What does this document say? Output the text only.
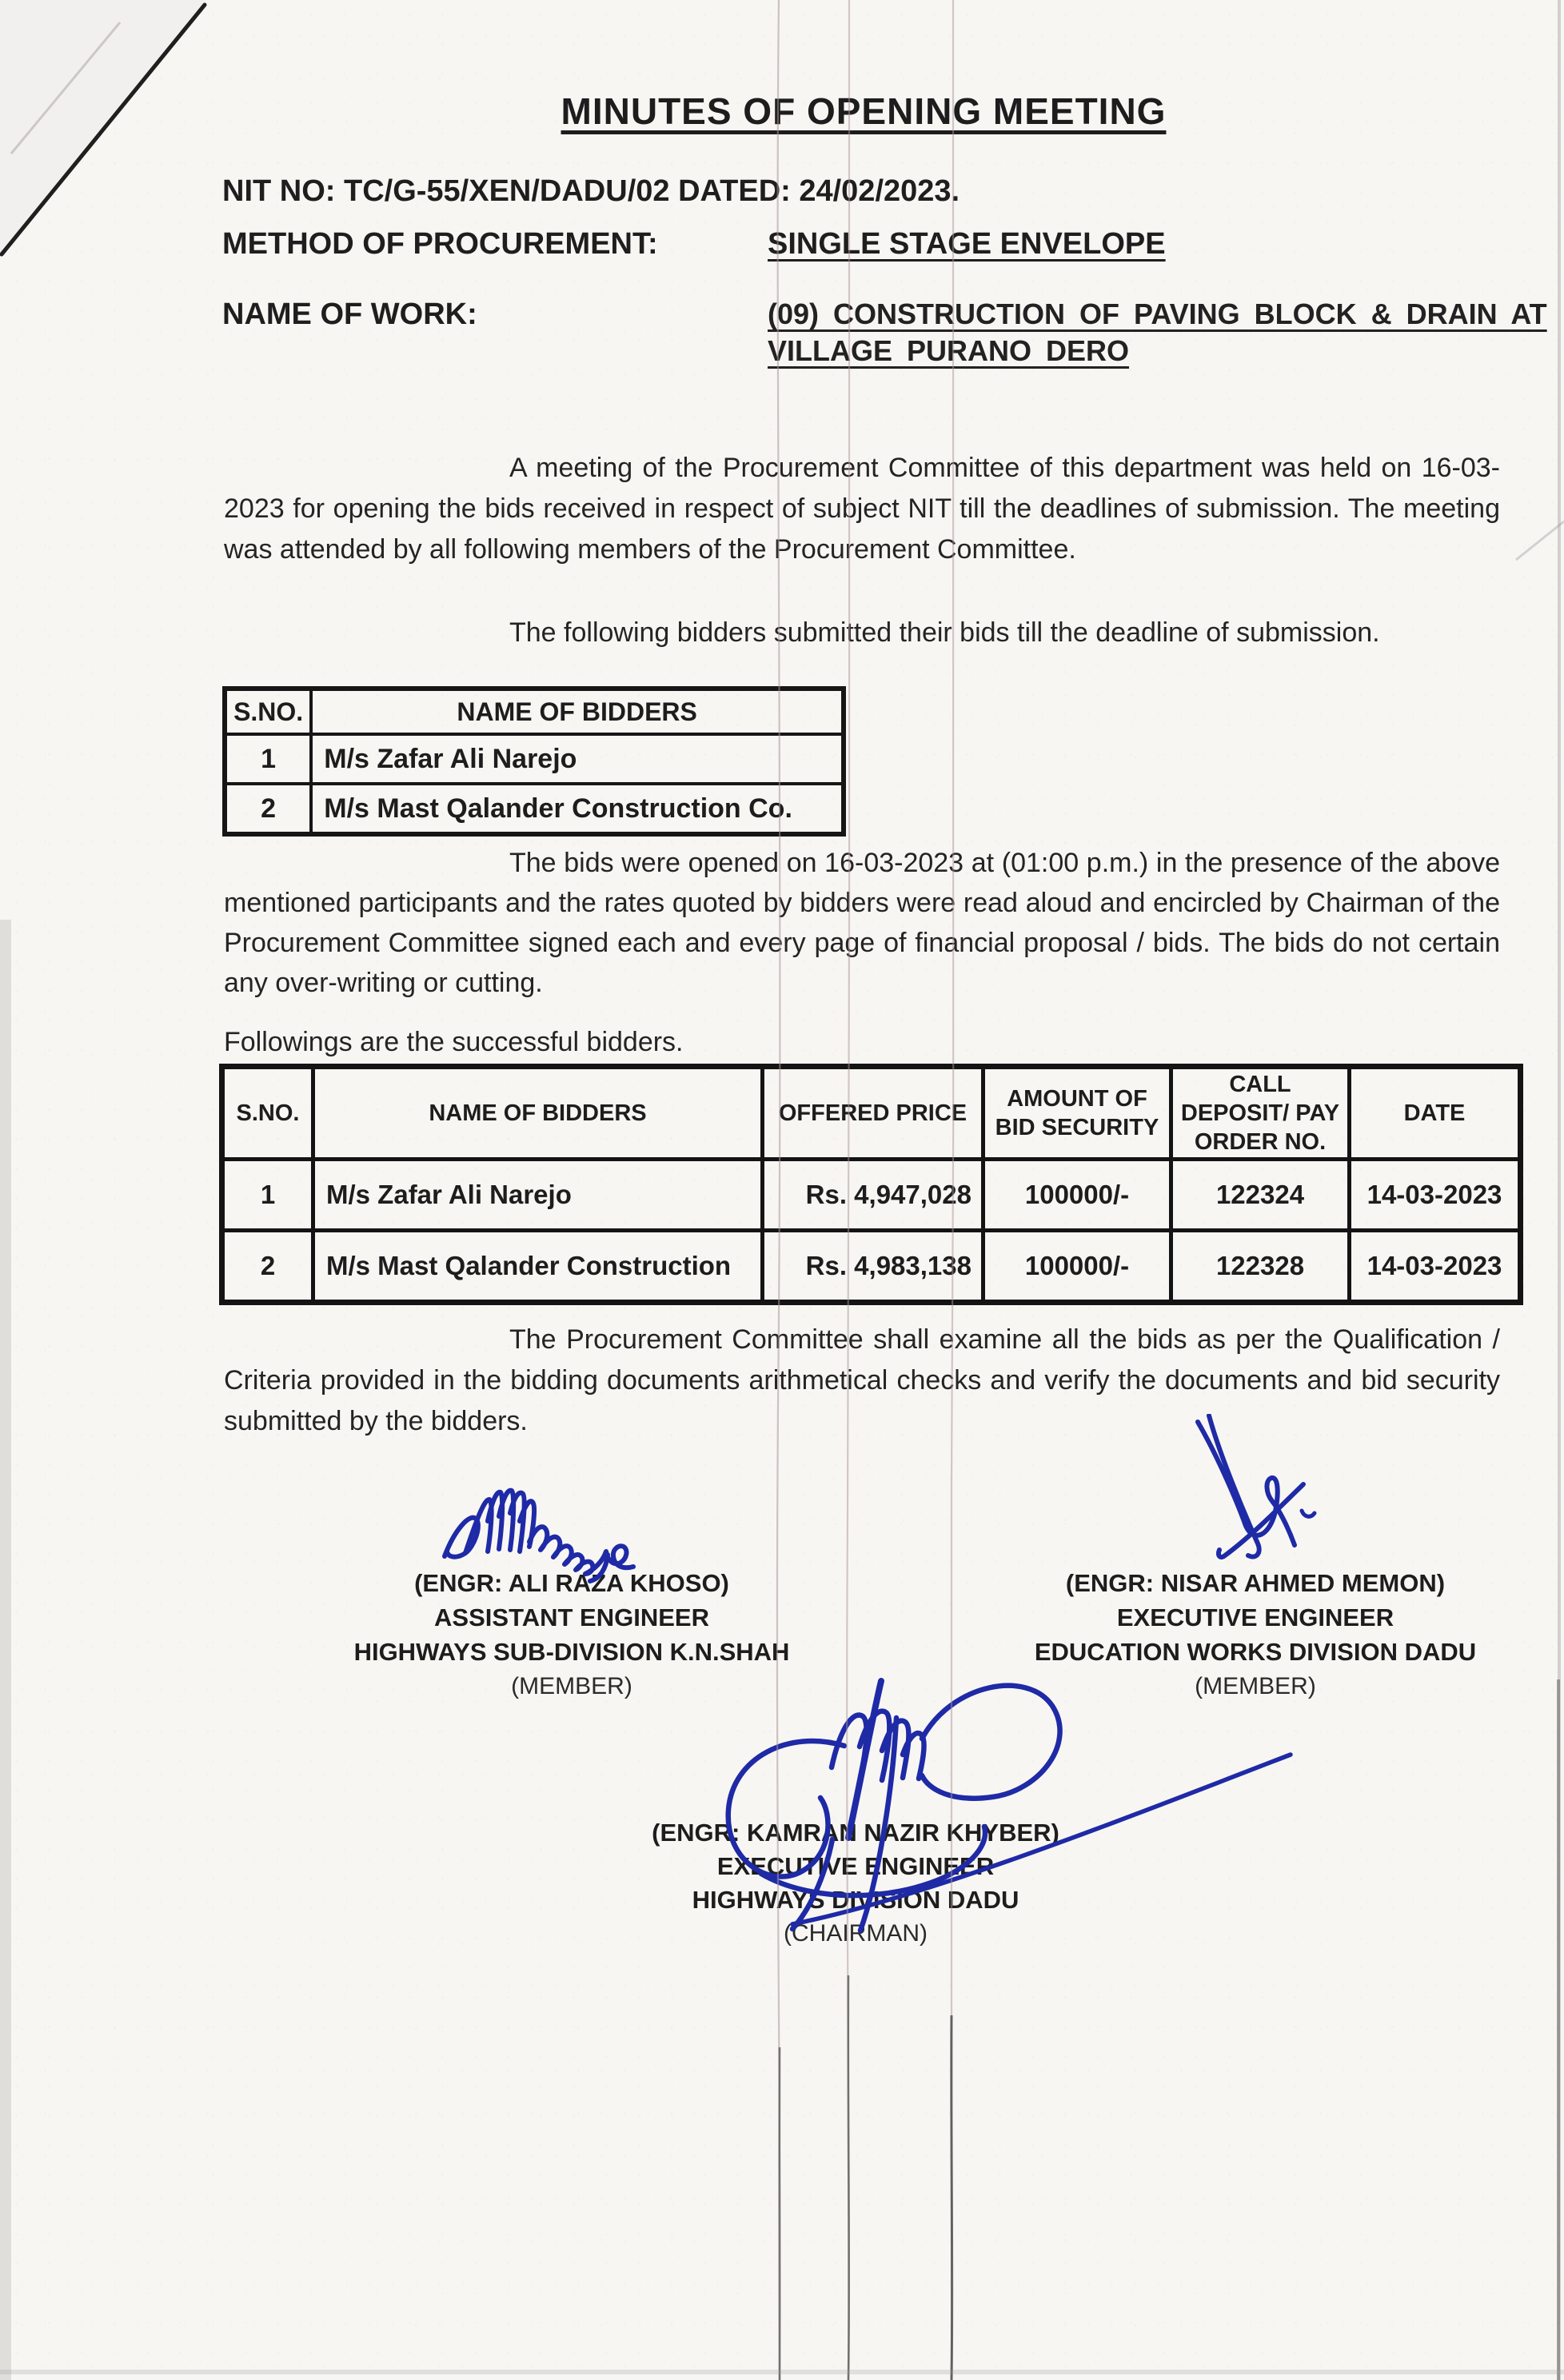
MINUTES OF OPENING MEETING
NIT NO: TC/G-55/XEN/DADU/02 DATED: 24/02/2023.
METHOD OF PROCUREMENT:	SINGLE STAGE ENVELOPE
NAME OF WORK:	(09) CONSTRUCTION OF PAVING BLOCK & DRAIN AT
VILLAGE PURANO DERO
A meeting of the Procurement Committee of this department was held on 16-03-2023 for opening the bids received in respect of subject NIT till the deadlines of submission. The meeting was attended by all following members of the Procurement Committee.
The following bidders submitted their bids till the deadline of submission.
S.NO.	NAME OF BIDDERS
1	M/s Zafar Ali Narejo
2	M/s Mast Qalander Construction Co.
The bids were opened on 16-03-2023 at (01:00 p.m.) in the presence of the above mentioned participants and the rates quoted by bidders were read aloud and encircled by Chairman of the Procurement Committee signed each and every page of financial proposal / bids. The bids do not certain any over-writing or cutting.
Followings are the successful bidders.
S.NO.	NAME OF BIDDERS	OFFERED PRICE	AMOUNT OF BID SECURITY	CALL DEPOSIT/ PAY ORDER NO.	DATE
1	M/s Zafar Ali Narejo	Rs. 4,947,028	100000/-	122324	14-03-2023
2	M/s Mast Qalander Construction	Rs. 4,983,138	100000/-	122328	14-03-2023
The Procurement Committee shall examine all the bids as per the Qualification / Criteria provided in the bidding documents arithmetical checks and verify the documents and bid security submitted by the bidders.
(ENGR: ALI RAZA KHOSO)
ASSISTANT ENGINEER
HIGHWAYS SUB-DIVISION K.N.SHAH
(MEMBER)
(ENGR: NISAR AHMED MEMON)
EXECUTIVE ENGINEER
EDUCATION WORKS DIVISION DADU
(MEMBER)
(ENGR: KAMRAN NAZIR KHYBER)
EXECUTIVE ENGINEER
HIGHWAYS DIVISION DADU
(CHAIRMAN)
